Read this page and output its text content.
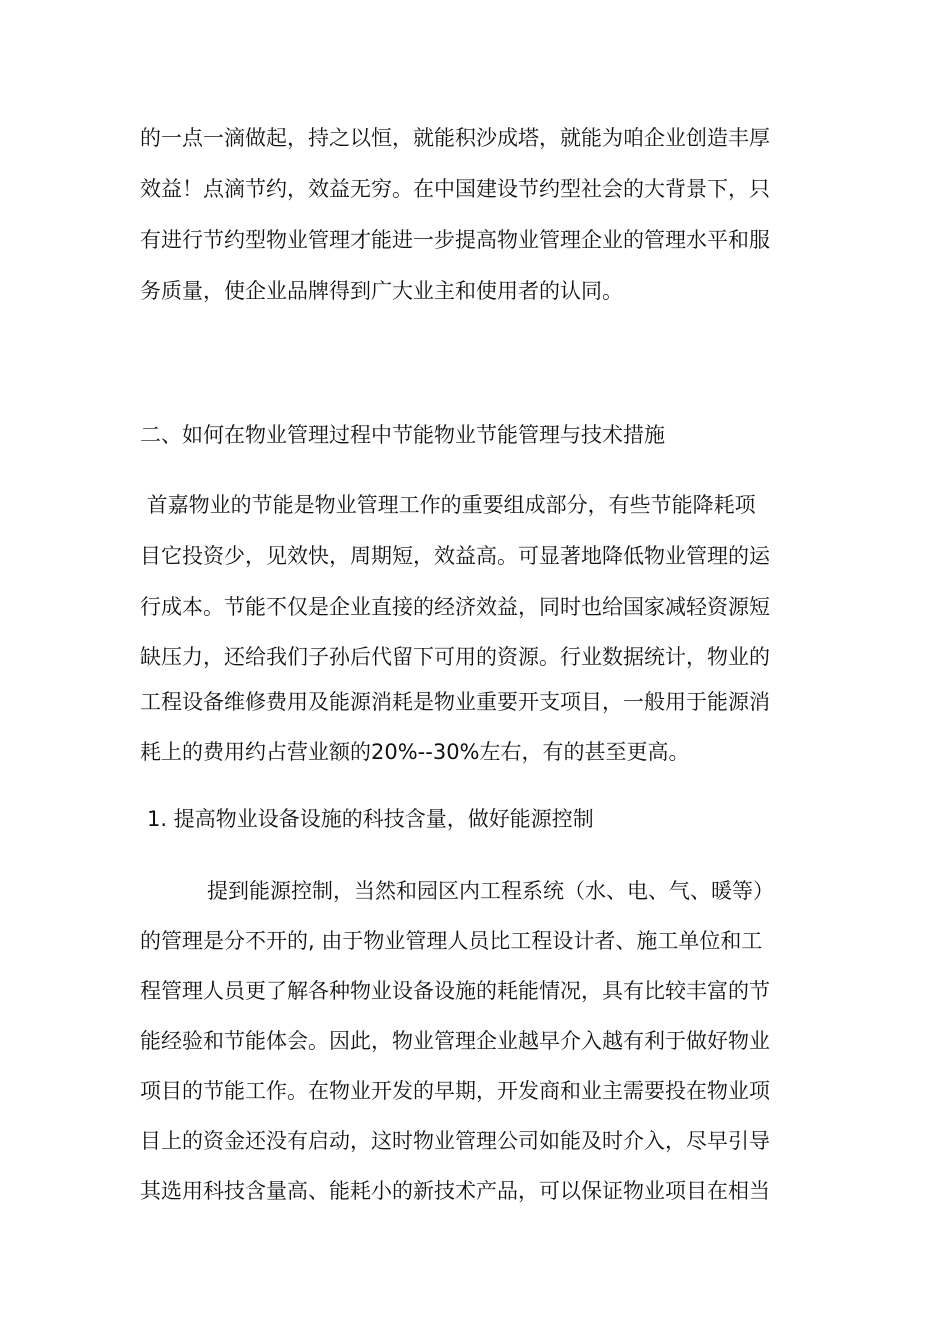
的一点一滴做起，持之以恒，就能积沙成塔，就能为咱企业创造丰厚
效益！点滴节约，效益无穷。在中国建设节约型社会的大背景下，只
有进行节约型物业管理才能进一步提高物业管理企业的管理水平和服
务质量，使企业品牌得到广大业主和使用者的认同。
二、如何在物业管理过程中节能物业节能管理与技术措施
首嘉物业的节能是物业管理工作的重要组成部分，有些节能降耗项
目它投资少，见效快，周期短，效益高。可显著地降低物业管理的运
行成本。节能不仅是企业直接的经济效益，同时也给国家减轻资源短
缺压力，还给我们子孙后代留下可用的资源。行业数据统计，物业的
工程设备维修费用及能源消耗是物业重要开支项目，一般用于能源消
耗上的费用约占营业额的20%--30%左右，有的甚至更高。
1. 提高物业设备设施的科技含量，做好能源控制
提到能源控制，当然和园区内工程系统（水、电、气、暖等）
的管理是分不开的, 由于物业管理人员比工程设计者、施工单位和工
程管理人员更了解各种物业设备设施的耗能情况，具有比较丰富的节
能经验和节能体会。因此，物业管理企业越早介入越有利于做好物业
项目的节能工作。在物业开发的早期，开发商和业主需要投在物业项
目上的资金还没有启动，这时物业管理公司如能及时介入，尽早引导
其选用科技含量高、能耗小的新技术产品，可以保证物业项目在相当
